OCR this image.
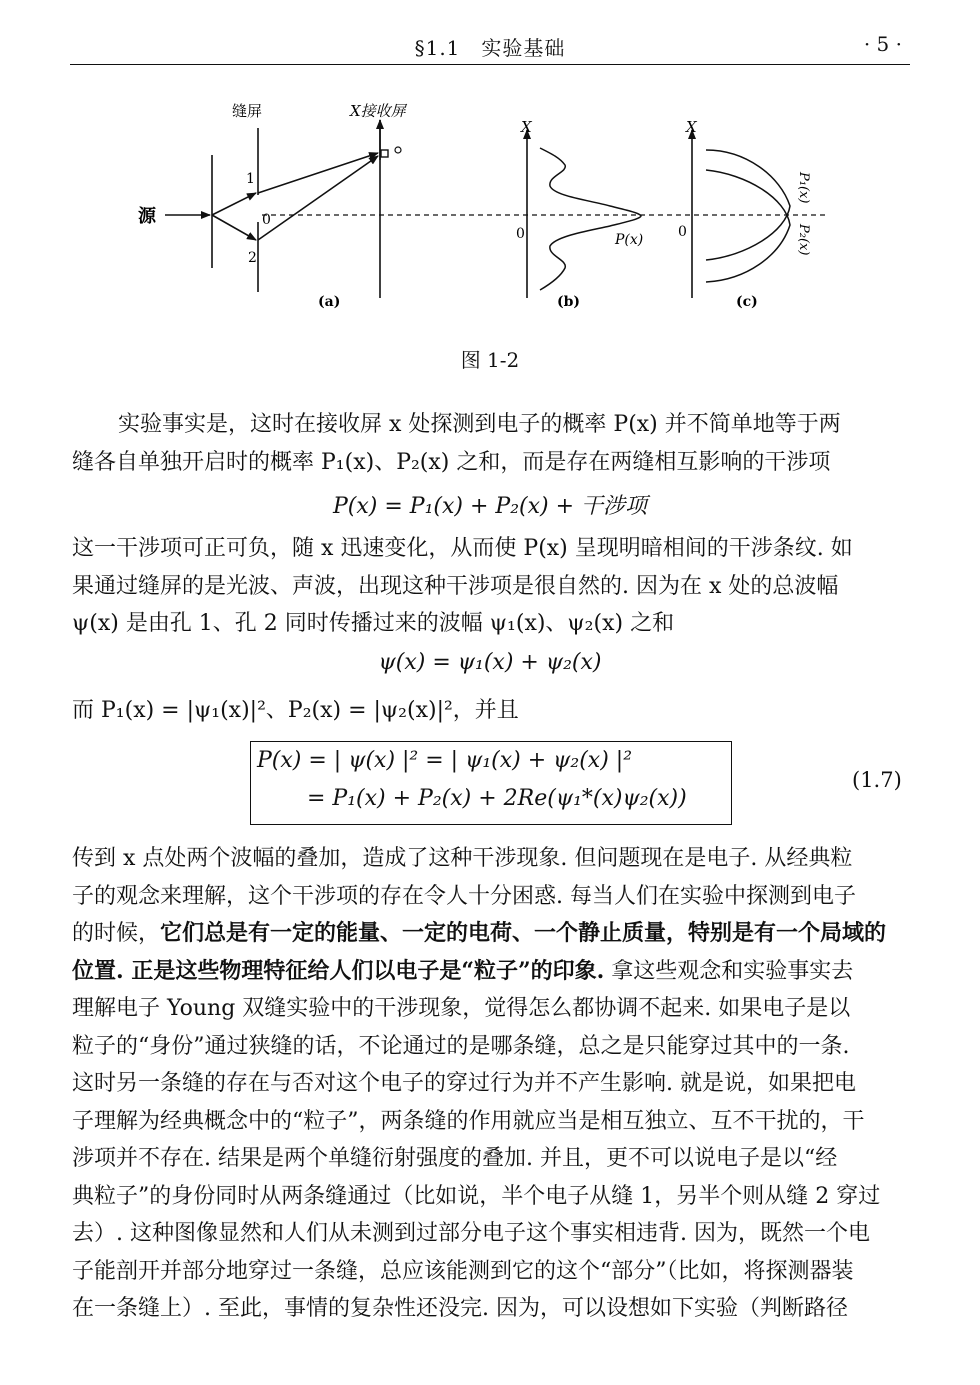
§1.1　实验基础	· 5 ·
缝屏	X接收屏
1
2
0
源
(a)
X
0	P(x)
(b)
X
0
P₁(x)
P₂(x)
(c)
图 1-2
实验事实是，这时在接收屏 x 处探测到电子的概率 P(x) 并不简单地等于两
缝各自单独开启时的概率 P₁(x)、P₂(x) 之和，而是存在两缝相互影响的干涉项
P(x) = P₁(x) + P₂(x) + 干涉项
这一干涉项可正可负，随 x 迅速变化，从而使 P(x) 呈现明暗相间的干涉条纹. 如
果通过缝屏的是光波、声波，出现这种干涉项是很自然的. 因为在 x 处的总波幅
ψ(x) 是由孔 1、孔 2 同时传播过来的波幅 ψ₁(x)、ψ₂(x) 之和
ψ(x) = ψ₁(x) + ψ₂(x)
而 P₁(x) = |ψ₁(x)|²、P₂(x) = |ψ₂(x)|²，并且
P(x) = | ψ(x) |² = | ψ₁(x) + ψ₂(x) |²
= P₁(x) + P₂(x) + 2Re(ψ₁*(x)ψ₂(x))
(1.7)
传到 x 点处两个波幅的叠加，造成了这种干涉现象. 但问题现在是电子. 从经典粒
子的观念来理解，这个干涉项的存在令人十分困惑. 每当人们在实验中探测到电子
的时候，它们总是有一定的能量、一定的电荷、一个静止质量，特别是有一个局域的
位置. 正是这些物理特征给人们以电子是“粒子”的印象. 拿这些观念和实验事实去
理解电子 Young 双缝实验中的干涉现象，觉得怎么都协调不起来. 如果电子是以
粒子的“身份”通过狭缝的话，不论通过的是哪条缝，总之是只能穿过其中的一条.
这时另一条缝的存在与否对这个电子的穿过行为并不产生影响. 就是说，如果把电
子理解为经典概念中的“粒子”，两条缝的作用就应当是相互独立、互不干扰的，干
涉项并不存在. 结果是两个单缝衍射强度的叠加. 并且，更不可以说电子是以“经
典粒子”的身份同时从两条缝通过（比如说，半个电子从缝 1，另半个则从缝 2 穿过
去）. 这种图像显然和人们从未测到过部分电子这个事实相违背. 因为，既然一个电
子能剖开并部分地穿过一条缝，总应该能测到它的这个“部分”（比如，将探测器装
在一条缝上）. 至此，事情的复杂性还没完. 因为，可以设想如下实验（判断路径
